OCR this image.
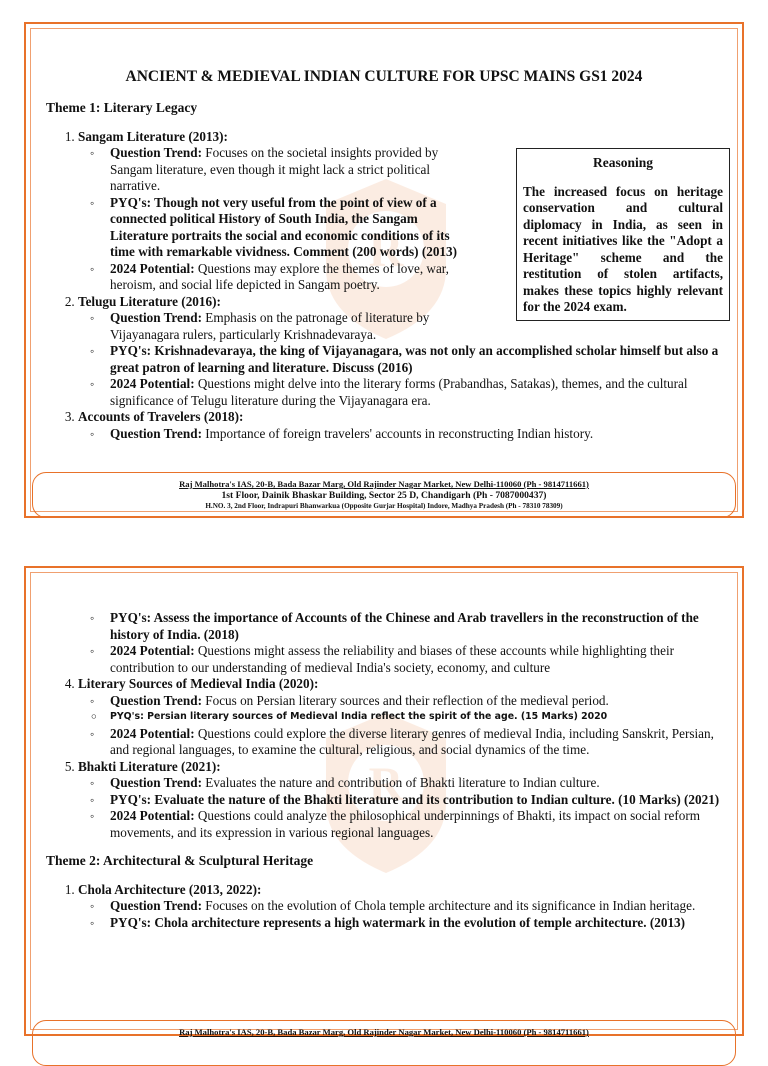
R
ANCIENT & MEDIEVAL INDIAN CULTURE FOR UPSC MAINS GS1 2024
Theme 1: Literary Legacy
1. Sangam Literature (2013):
◦ Question Trend: Focuses on the societal insights provided by Sangam literature, even though it might lack a strict political narrative.
◦ PYQ's: Though not very useful from the point of view of a connected political History of South India, the Sangam Literature portraits the social and economic conditions of its time with remarkable vividness. Comment (200 words) (2013)
◦ 2024 Potential: Questions may explore the themes of love, war, heroism, and social life depicted in Sangam poetry.
2. Telugu Literature (2016):
◦ Question Trend: Emphasis on the patronage of literature by Vijayanagara rulers, particularly Krishnadevaraya.
◦ PYQ's: Krishnadevaraya, the king of Vijayanagara, was not only an accomplished scholar himself but also a great patron of learning and literature. Discuss (2016)
◦ 2024 Potential: Questions might delve into the literary forms (Prabandhas, Satakas), themes, and the cultural significance of Telugu literature during the Vijayanagara era.
3. Accounts of Travelers (2018):
◦ Question Trend: Importance of foreign travelers' accounts in reconstructing Indian history.
Reasoning

The increased focus on heritage conservation and cultural diplomacy in India, as seen in recent initiatives like the "Adopt a Heritage" scheme and the restitution of stolen artifacts, makes these topics highly relevant for the 2024 exam.

Raj Malhotra's IAS, 20-B, Bada Bazar Marg, Old Rajinder Nagar Market, New Delhi-110060 (Ph - 9814711661)
1st Floor, Dainik Bhaskar Building, Sector 25 D, Chandigarh (Ph - 7087000437)
H.NO. 3, 2nd Floor, Indrapuri Bhanwarkua (Opposite Gurjar Hospital) Indore, Madhya Pradesh (Ph - 78310 78309)
R
◦ PYQ's: Assess the importance of Accounts of the Chinese and Arab travellers in the reconstruction of the history of India. (2018)
◦ 2024 Potential: Questions might assess the reliability and biases of these accounts while highlighting their contribution to our understanding of medieval India's society, economy, and culture
4. Literary Sources of Medieval India (2020):
◦ Question Trend: Focus on Persian literary sources and their reflection of the medieval period.
◦ PYQ's: Persian literary sources of Medieval India reflect the spirit of the age. (15 Marks) 2020
◦ 2024 Potential: Questions could explore the diverse literary genres of medieval India, including Sanskrit, Persian, and regional languages, to examine the cultural, religious, and social dynamics of the time.
5. Bhakti Literature (2021):
◦ Question Trend: Evaluates the nature and contribution of Bhakti literature to Indian culture.
◦ PYQ's: Evaluate the nature of the Bhakti literature and its contribution to Indian culture. (10 Marks) (2021)
◦ 2024 Potential: Questions could analyze the philosophical underpinnings of Bhakti, its impact on social reform movements, and its expression in various regional languages.
Theme 2: Architectural & Sculptural Heritage
1. Chola Architecture (2013, 2022):
◦ Question Trend: Focuses on the evolution of Chola temple architecture and its significance in Indian heritage.
◦ PYQ's: Chola architecture represents a high watermark in the evolution of temple architecture. (2013)
Raj Malhotra's IAS, 20-B, Bada Bazar Marg, Old Rajinder Nagar Market, New Delhi-110060 (Ph - 9814711661)
